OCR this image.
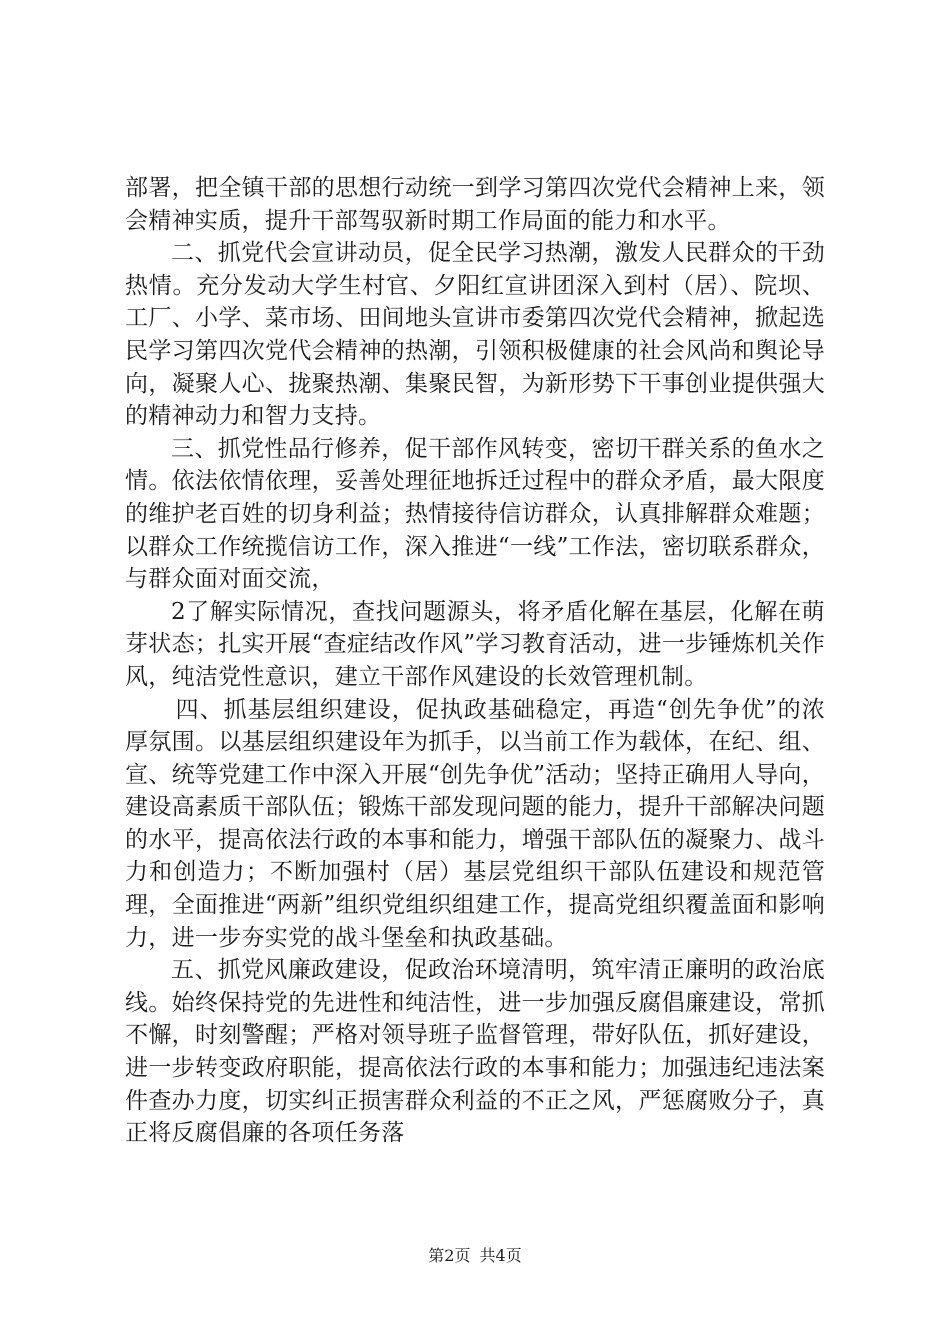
部署，把全镇干部的思想行动统一到学习第四次党代会精神上来，领会精神实质，提升干部驾驭新时期工作局面的能力和水平。

二、抓党代会宣讲动员，促全民学习热潮，激发人民群众的干劲热情。充分发动大学生村官、夕阳红宣讲团深入到村（居）、院坝、工厂、小学、菜市场、田间地头宣讲市委第四次党代会精神，掀起选民学习第四次党代会精神的热潮，引领积极健康的社会风尚和舆论导向，凝聚人心、拢聚热潮、集聚民智，为新形势下干事创业提供强大的精神动力和智力支持。

三、抓党性品行修养，促干部作风转变，密切干群关系的鱼水之情。依法依情依理，妥善处理征地拆迁过程中的群众矛盾，最大限度的维护老百姓的切身利益；热情接待信访群众，认真排解群众难题；以群众工作统揽信访工作，深入推进“一线”工作法，密切联系群众，与群众面对面交流，

2了解实际情况，查找问题源头，将矛盾化解在基层，化解在萌芽状态；扎实开展“查症结改作风”学习教育活动，进一步锤炼机关作风，纯洁党性意识，建立干部作风建设的长效管理机制。

四、抓基层组织建设，促执政基础稳定，再造“创先争优”的浓厚氛围。以基层组织建设年为抓手，以当前工作为载体，在纪、组、宣、统等党建工作中深入开展“创先争优”活动；坚持正确用人导向，建设高素质干部队伍；锻炼干部发现问题的能力，提升干部解决问题的水平，提高依法行政的本事和能力，增强干部队伍的凝聚力、战斗力和创造力；不断加强村（居）基层党组织干部队伍建设和规范管理，全面推进“两新”组织党组织组建工作，提高党组织覆盖面和影响力，进一步夯实党的战斗堡垒和执政基础。

五、抓党风廉政建设，促政治环境清明，筑牢清正廉明的政治底线。始终保持党的先进性和纯洁性，进一步加强反腐倡廉建设，常抓不懈，时刻警醒；严格对领导班子监督管理，带好队伍，抓好建设，进一步转变政府职能，提高依法行政的本事和能力；加强违纪违法案件查办力度，切实纠正损害群众利益的不正之风，严惩腐败分子，真正将反腐倡廉的各项任务落

第2页 共4页
